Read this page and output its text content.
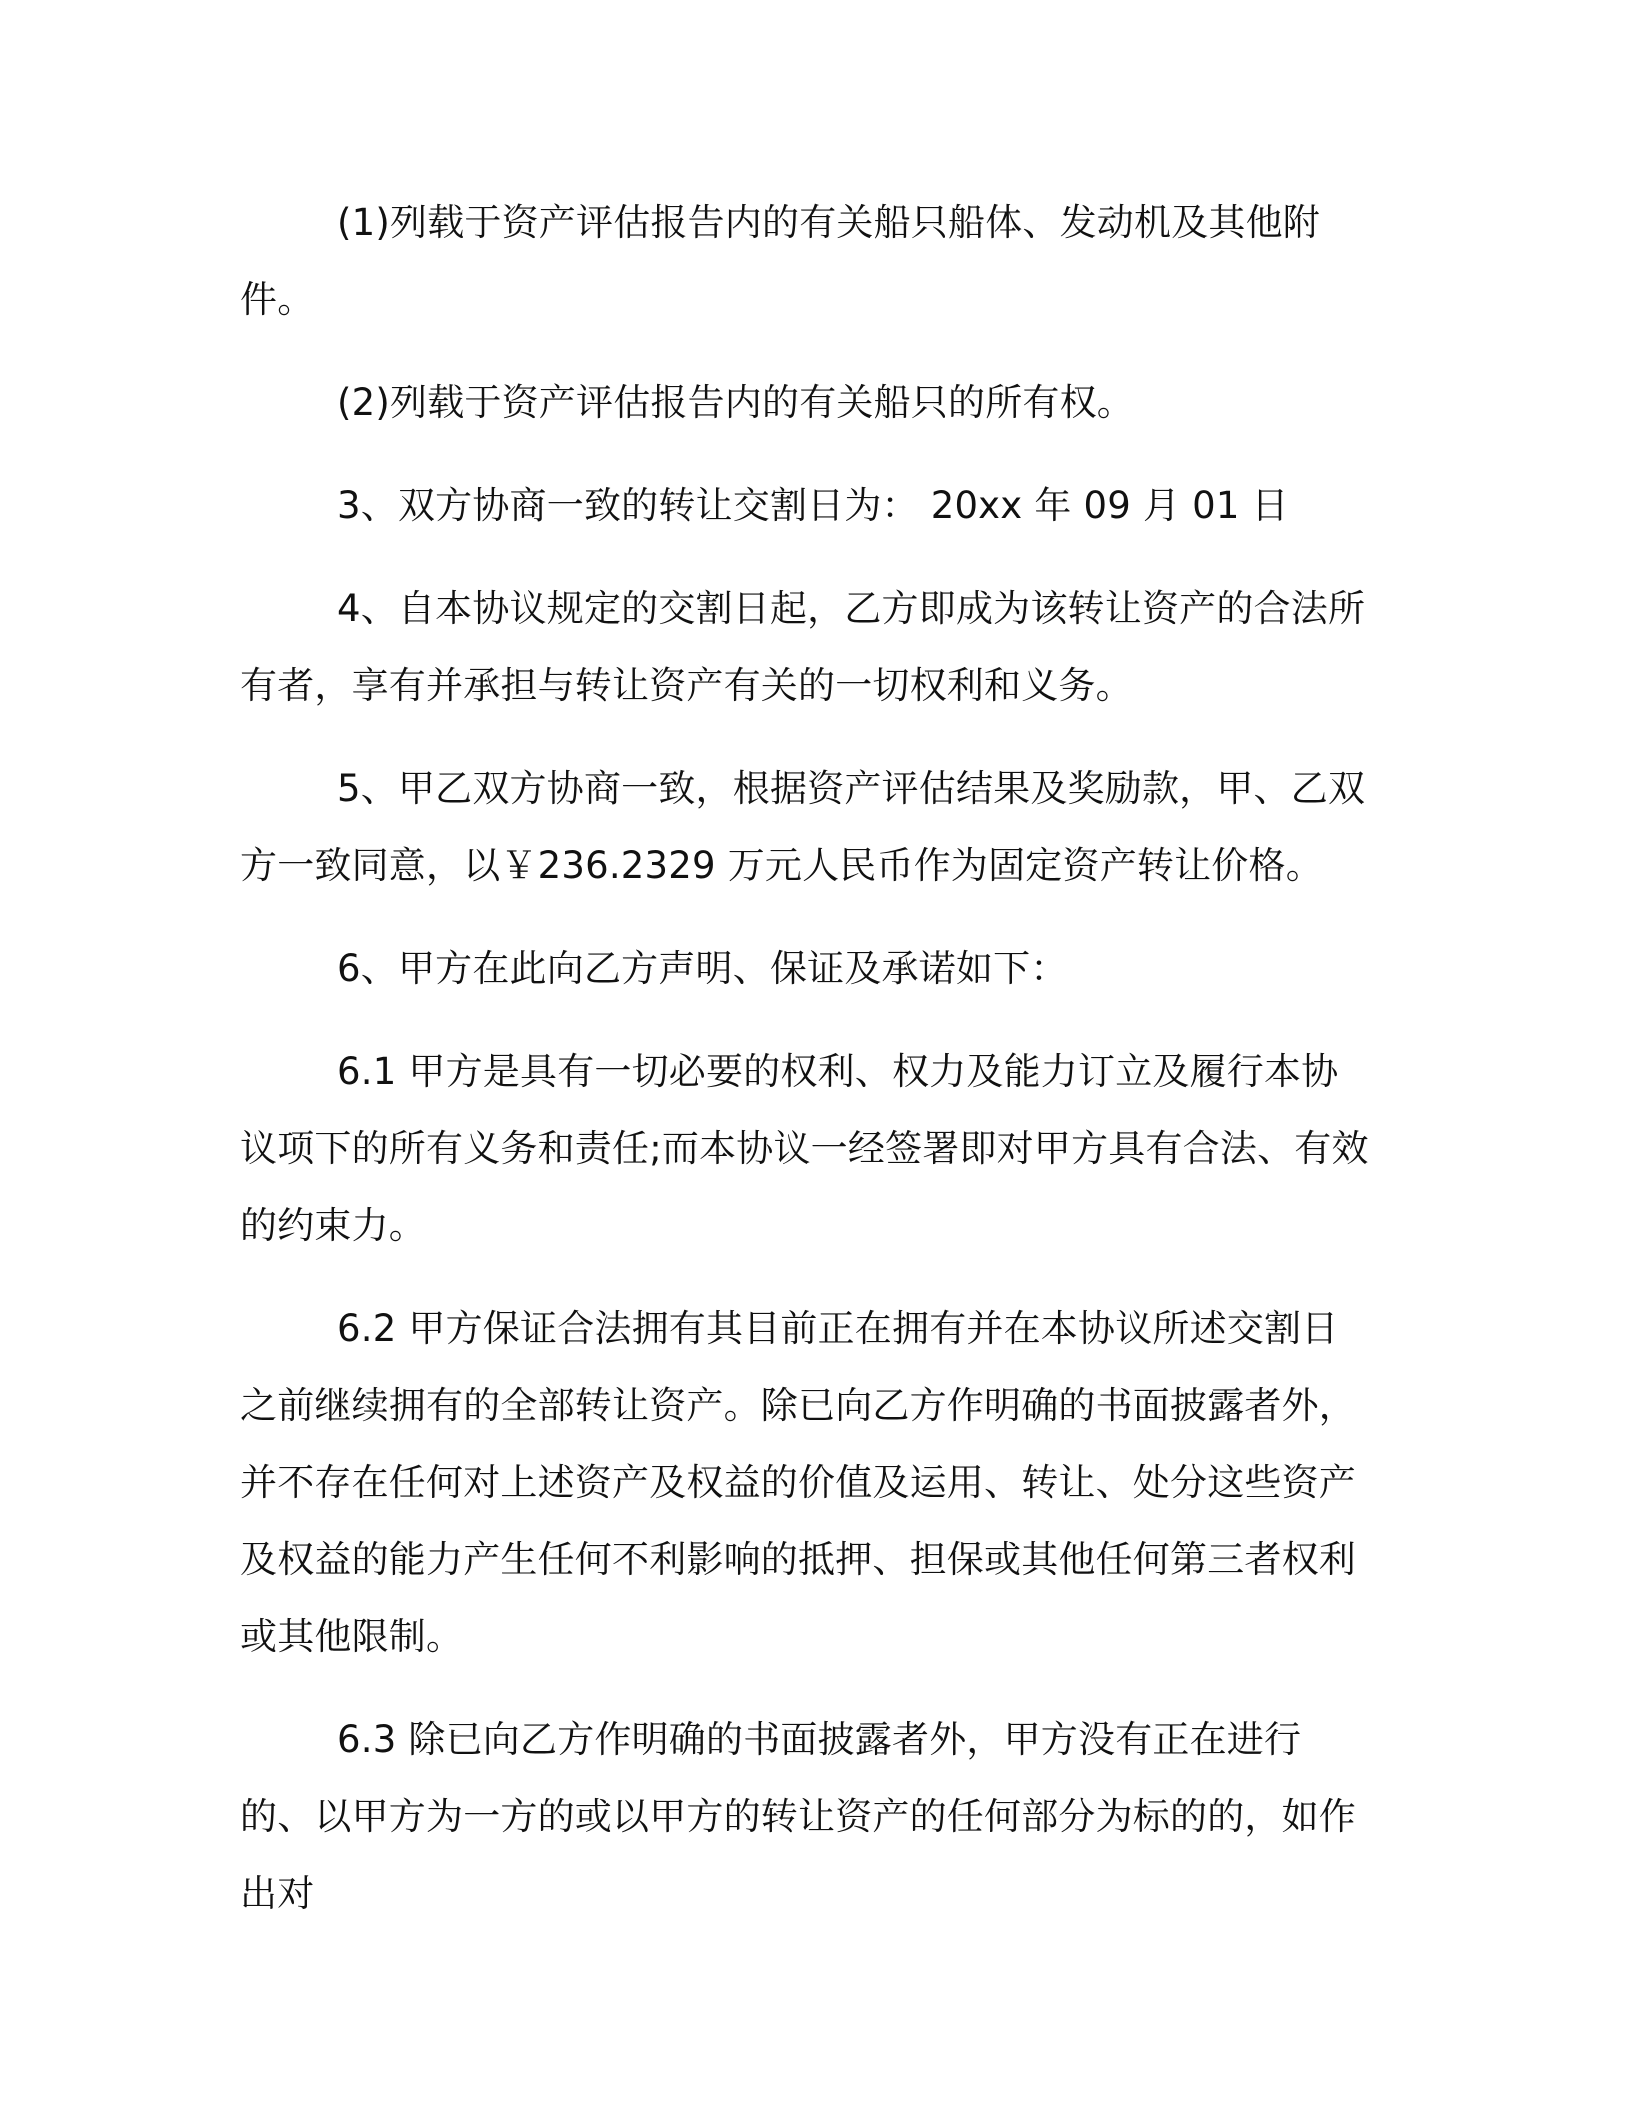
(1)列载于资产评估报告内的有关船只船体、发动机及其他附件。

(2)列载于资产评估报告内的有关船只的所有权。

3、双方协商一致的转让交割日为： 20xx 年 09 月 01 日

4、自本协议规定的交割日起，乙方即成为该转让资产的合法所有者，享有并承担与转让资产有关的一切权利和义务。

5、甲乙双方协商一致，根据资产评估结果及奖励款，甲、乙双方一致同意，以￥236.2329 万元人民币作为固定资产转让价格。

6、甲方在此向乙方声明、保证及承诺如下：

6.1 甲方是具有一切必要的权利、权力及能力订立及履行本协议项下的所有义务和责任;而本协议一经签署即对甲方具有合法、有效的约束力。

6.2 甲方保证合法拥有其目前正在拥有并在本协议所述交割日之前继续拥有的全部转让资产。除已向乙方作明确的书面披露者外，并不存在任何对上述资产及权益的价值及运用、转让、处分这些资产及权益的能力产生任何不利影响的抵押、担保或其他任何第三者权利或其他限制。

6.3 除已向乙方作明确的书面披露者外，甲方没有正在进行的、以甲方为一方的或以甲方的转让资产的任何部分为标的的，如作出对
